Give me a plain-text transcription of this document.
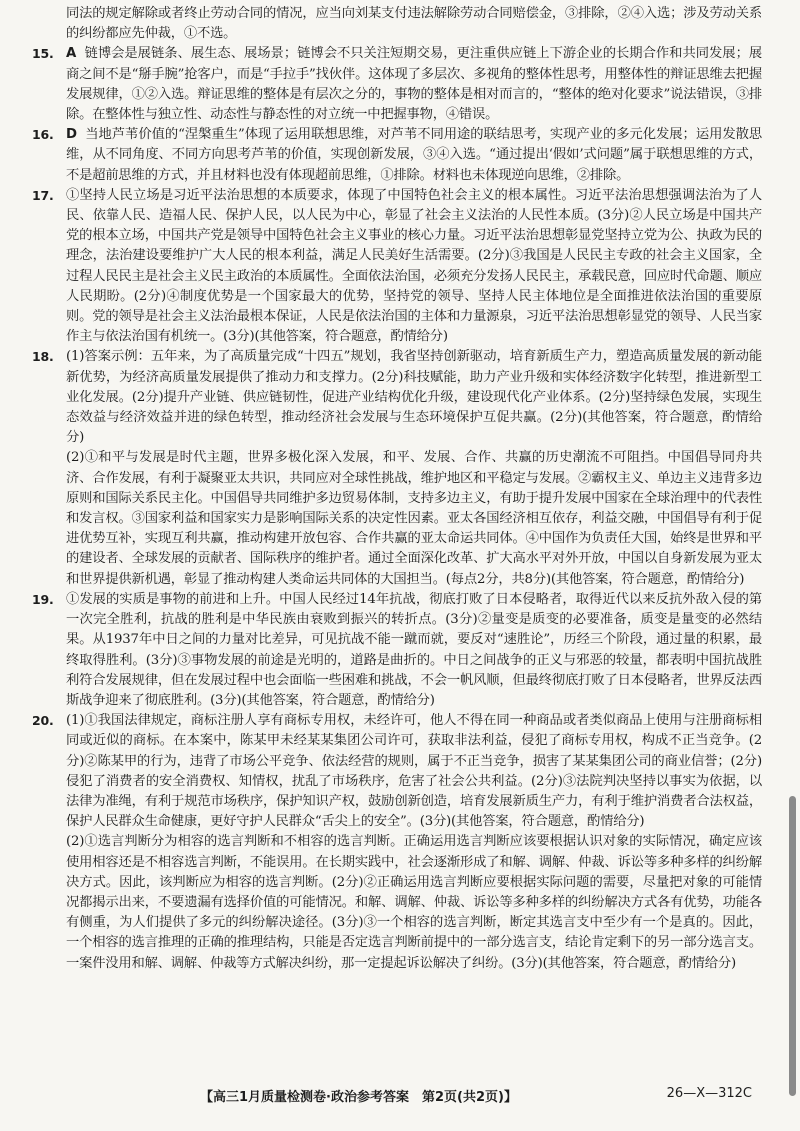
同法的规定解除或者终止劳动合同的情况，应当向刘某支付违法解除劳动合同赔偿金，③排除，②④入选；涉及劳动关系的纠纷都应先仲裁，①不选。

15. A 链博会是展链条、展生态、展场景；链博会不只关注短期交易，更注重供应链上下游企业的长期合作和共同发展；展商之间不是“掰手腕”抢客户，而是“手拉手”找伙伴。这体现了多层次、多视角的整体性思考，用整体性的辩证思维去把握发展规律，①②入选。辩证思维的整体是有层次之分的，事物的整体是相对而言的，“整体的绝对化要求”说法错误，③排除。在整体性与独立性、动态性与静态性的对立统一中把握事物，④错误。

16. D 当地芦苇价值的“涅槃重生”体现了运用联想思维，对芦苇不同用途的联结思考，实现产业的多元化发展；运用发散思维，从不同角度、不同方向思考芦苇的价值，实现创新发展，③④入选。“通过提出‘假如’式问题”属于联想思维的方式，不是超前思维的方式，并且材料也没有体现超前思维，①排除。材料也未体现逆向思维，②排除。

17. ①坚持人民立场是习近平法治思想的本质要求，体现了中国特色社会主义的根本属性。习近平法治思想强调法治为了人民、依靠人民、造福人民、保护人民，以人民为中心，彰显了社会主义法治的人民性本质。(3分)②人民立场是中国共产党的根本立场，中国共产党是领导中国特色社会主义事业的核心力量。习近平法治思想彰显党坚持立党为公、执政为民的理念，法治建设要维护广大人民的根本利益，满足人民美好生活需要。(2分)③我国是人民民主专政的社会主义国家，全过程人民民主是社会主义民主政治的本质属性。全面依法治国，必须充分发扬人民民主，承载民意，回应时代命题、顺应人民期盼。(2分)④制度优势是一个国家最大的优势，坚持党的领导、坚持人民主体地位是全面推进依法治国的重要原则。党的领导是社会主义法治最根本保证，人民是依法治国的主体和力量源泉，习近平法治思想彰显党的领导、人民当家作主与依法治国有机统一。(3分)(其他答案，符合题意，酌情给分)

18. (1)答案示例：五年来，为了高质量完成“十四五”规划，我省坚持创新驱动，培育新质生产力，塑造高质量发展的新动能新优势，为经济高质量发展提供了推动力和支撑力。(2分)科技赋能，助力产业升级和实体经济数字化转型，推进新型工业化发展。(2分)提升产业链、供应链韧性，促进产业结构优化升级，建设现代化产业体系。(2分)坚持绿色发展，实现生态效益与经济效益并进的绿色转型，推动经济社会发展与生态环境保护互促共赢。(2分)(其他答案，符合题意，酌情给分)

(2)①和平与发展是时代主题，世界多极化深入发展，和平、发展、合作、共赢的历史潮流不可阻挡。中国倡导同舟共济、合作发展，有利于凝聚亚太共识，共同应对全球性挑战，维护地区和平稳定与发展。②霸权主义、单边主义违背多边原则和国际关系民主化。中国倡导共同维护多边贸易体制，支持多边主义，有助于提升发展中国家在全球治理中的代表性和发言权。③国家利益和国家实力是影响国际关系的决定性因素。亚太各国经济相互依存，利益交融，中国倡导有利于促进优势互补，实现互利共赢，推动构建开放包容、合作共赢的亚太命运共同体。④中国作为负责任大国，始终是世界和平的建设者、全球发展的贡献者、国际秩序的维护者。通过全面深化改革、扩大高水平对外开放，中国以自身新发展为亚太和世界提供新机遇，彰显了推动构建人类命运共同体的大国担当。(每点2分，共8分)(其他答案，符合题意，酌情给分)

19. ①发展的实质是事物的前进和上升。中国人民经过14年抗战，彻底打败了日本侵略者，取得近代以来反抗外敌入侵的第一次完全胜利，抗战的胜利是中华民族由衰败到振兴的转折点。(3分)②量变是质变的必要准备，质变是量变的必然结果。从1937年中日之间的力量对比差异，可见抗战不能一蹴而就，要反对“速胜论”，历经三个阶段，通过量的积累，最终取得胜利。(3分)③事物发展的前途是光明的，道路是曲折的。中日之间战争的正义与邪恶的较量，都表明中国抗战胜利符合发展规律，但在发展过程中也会面临一些困难和挑战，不会一帆风顺，但最终彻底打败了日本侵略者，世界反法西斯战争迎来了彻底胜利。(3分)(其他答案，符合题意，酌情给分)

20. (1)①我国法律规定，商标注册人享有商标专用权，未经许可，他人不得在同一种商品或者类似商品上使用与注册商标相同或近似的商标。在本案中，陈某甲未经某某集团公司许可，获取非法利益，侵犯了商标专用权，构成不正当竞争。(2分)②陈某甲的行为，违背了市场公平竞争、依法经营的规则，属于不正当竞争，损害了某某集团公司的商业信誉；(2分)侵犯了消费者的安全消费权、知情权，扰乱了市场秩序，危害了社会公共利益。(2分)③法院判决坚持以事实为依据，以法律为准绳，有利于规范市场秩序，保护知识产权，鼓励创新创造，培育发展新质生产力，有利于维护消费者合法权益，保护人民群众生命健康，更好守护人民群众“舌尖上的安全”。(3分)(其他答案，符合题意，酌情给分)

(2)①选言判断分为相容的选言判断和不相容的选言判断。正确运用选言判断应该要根据认识对象的实际情况，确定应该使用相容还是不相容选言判断，不能误用。在长期实践中，社会逐渐形成了和解、调解、仲裁、诉讼等多种多样的纠纷解决方式。因此，该判断应为相容的选言判断。(2分)②正确运用选言判断应要根据实际问题的需要，尽量把对象的可能情况都揭示出来，不要遗漏有选择价值的可能情况。和解、调解、仲裁、诉讼等多种多样的纠纷解决方式各有优势，功能各有侧重，为人们提供了多元的纠纷解决途径。(3分)③一个相容的选言判断，断定其选言支中至少有一个是真的。因此，一个相容的选言推理的正确的推理结构，只能是否定选言判断前提中的一部分选言支，结论肯定剩下的另一部分选言支。一案件没用和解、调解、仲裁等方式解决纠纷，那一定提起诉讼解决了纠纷。(3分)(其他答案，符合题意，酌情给分)

【高三1月质量检测卷·政治参考答案　第2页(共2页)】	26—X—312C
